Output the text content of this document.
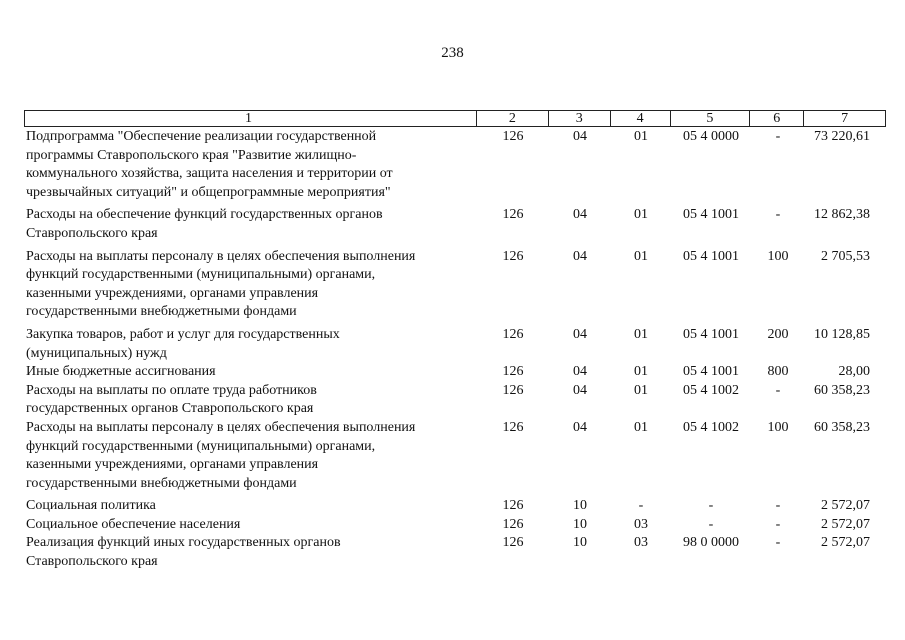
238
1	2	3	4	5	6	7
Подпрограмма "Обеспечение реализации государственной
программы Ставропольского края "Развитие жилищно-
коммунального хозяйства, защита населения и территории от
чрезвычайных ситуаций" и общепрограммные мероприятия"
126	04	01	05 4 0000	-	73 220,61
Расходы на обеспечение функций государственных органов
Ставропольского края
126	04	01	05 4 1001	-	12 862,38
Расходы на выплаты персоналу в целях обеспечения выполнения
функций государственными (муниципальными) органами,
казенными учреждениями, органами управления
государственными внебюджетными фондами
126	04	01	05 4 1001	100	2 705,53
Закупка товаров, работ и услуг для государственных
(муниципальных) нужд
126	04	01	05 4 1001	200	10 128,85
Иные бюджетные ассигнования	126	04	01	05 4 1001	800	28,00
Расходы на выплаты по оплате труда работников
государственных органов Ставропольского края
126	04	01	05 4 1002	-	60 358,23
Расходы на выплаты персоналу в целях обеспечения выполнения
функций государственными (муниципальными) органами,
казенными учреждениями, органами управления
государственными внебюджетными фондами
126	04	01	05 4 1002	100	60 358,23
Социальная политика	126	10	-	-	-	2 572,07
Социальное обеспечение населения	126	10	03	-	-	2 572,07
Реализация функций иных государственных органов
Ставропольского края
126	10	03	98 0 0000	-	2 572,07
